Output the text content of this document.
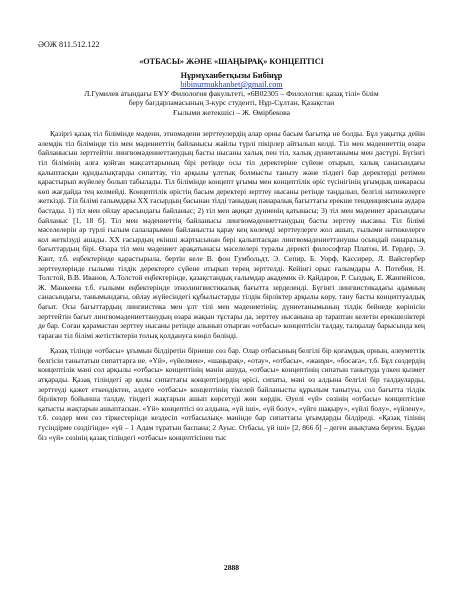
ӘОЖ 811.512.122

«ОТБАСЫ» ЖӘНЕ «ШАҢЫРАҚ» КОНЦЕПТІСІ

Нұрмұханбетқызы Бибінұр

bibinurmukhanbet@gmail.com

Л.Гумилев атындағы ЕҰУ Филология факультеті, «6B02305 – Филология: қазақ тілі» білім
беру бағдарламасының 3-курс студенті, Нұр-Сұлтан, Қазақстан
Ғылыми жетекшісі – Ж. Өмірбекова

Қазіргі қазақ тіл білімінде мәдени, этномәдени зерттеулердің алар орны басым бағытқа не болды. Бұл уақытқа дейін әлемдік тіл білімінде тіл мен мәдениеттің байланысы жайлы түрлі пікірлер айтылып келді. Тіл мен мәдениеттің өзара байланысын зерттейтін лингвомәдениеттанудың басты нысаны халық пен тіл, халық дүниетанымы мен дәстүрі. Бүгінгі тіл білімінің алға қойған мақсаттарының бірі ретінде осы тіл деректеріне сүйене отырып, халық санасындағы қалыптасқан құндылықтарды сипаттау, тіл арқылы ұлттық болмысты таныту және тілдегі бар деректерді ретімен қарастырып жүйелеу болып табылады. Тіл білімінде концепт ұғымы мен концептілік өріс түсінігінің ұғымдық шекарасы көп жағдайда тең келмейді. Концептілік өрістің басым деректері зерттеу нысаны ретінде таңдалып, белгілі нәтижелерге жеткізді. Тіл білімі ғалымдары XX ғасырдың басынан тілді таныдың пәнаралық бағыттағы ерекше тенденциясына аудара бастады. 1) тіл мен ойлау арасындағы байланыс; 2) тіл мен ақиқат дүниенің қатынасы; 3) тіл мен мәдениет арасындағы байланыс [1, 18 б]. Тіл мен мәдениеттің байланысы лингвомәдениеттанудың басты зерттеу нысаны. Тіл білімі мәселелерін әр түрлі ғылым салаларымен байланысты қарау кең көлемді зерттеулерге жол ашып, ғылыми нәтижелерге кол жеткізуді ашады. XX ғасырдың екінші жартысынан бері қалыптасқан лингвомәдениеттанушы осындай пәнаралық бағыттардың бірі. Өзара тіл мен мәдениет арақатынасы мәселелері туралы деректі философтар Платон, И. Гердер, Э. Кант, т.б. еңбектерінде қарастырыла, бертін келе В. фон Гумбольдт, Э. Сепир, Б. Уорф, Кассирер, Л. Вайсгербер зерттеулерінде ғылыми тілдік деректерге сүйене отырып терең зерттелді. Кейінгі орыс ғалымдары А. Потебня, Н. Толстой, В.В. Иванов, А.Толстой еңбектерінде, қазақстандық ғалымдар академик Ә. Қайдаров, Р. Сыздық, Е. Жанпейісов, Ж. Манкеева т.б. ғылыми еңбектерінде этнолингвистикалық бағытта зерделенді. Бүгінгі лингвистикадағы адамның санасындағы, танымындағы, ойлау жүйесіндегі құбылыстарды тілдік бірліктер арқылы көру, тану басты концептуалдық бағыт. Осы бағыттардың лингвистика мен ұлт тілі мен мәдениетінің, дүниетанымының тілдік бейнеде көрінісін зерттейтін бағыт лингвомәдениеттанудың өзара жақын тұстары да, зерттеу нысанына әр тараптан келетін ерекшеліктері де бар. Соған қарамастан зерттеу нысаны ретінде алынып отырған «отбасы» концептісін талдау, талқылау барысында кең тараған тіл білімі жетістіктерін толық қолдануға көңіл бөлінді.

Қазақ тілінде «отбасы» ұғымын білдіретін бірнеше сөз бар. Олар отбасының белгілі бір қоғамдық орнын, әлеуметтік белгісін танытатын сипаттарға ие. «Үй», «үйелмен», «шаңырақ», «отау», «отбасы», «жанұя», «босаға», т.б. Бұл сөздердің концептілік мәні сол арқылы «отбасы» концептінің мәнін ашуда, «отбасы» концептінің сипатын танытуда үлкен қызмет атқарады. Қазақ тіліндегі әр қилы сипаттағы концептілердің өрісі, сипаты, мәні өз алдына белгілі бір талдауларды, зерттеуді қажет еткендіктен, әлдеге «отбасы» концептінің тікелей байланысты құрылым танытуы, сол бағытта тілдік бірліктер бойынша талдау, тіндегі жақтарын ашып көрсетуді жөн көрдік. Әуелі «үй» сөзінің «отбасы» концептісіне қатысты жақтарын ашыптаскан. «Үй» концептісі өз алдына, «үй іші», «үй болу», «үйге шақыру», «үйлі болу», «үйлену», т.б. сөздер мен сөз тіркестерінде кездесіп «отбасылық» мәнінде бар сипаттағы ұғымдарды білдіреді. «Қазақ тілінің түсіндірме сөздігінде» «үй – 1 Адам тұратын баспана; 2 Ауыс. Отбасы, үй іші» [2, 866 б] – деген анықтама берген. Бұдан біз «үй» сөзінің қазақ тіліндегі «отбасы» концептісінен тыс

2888
